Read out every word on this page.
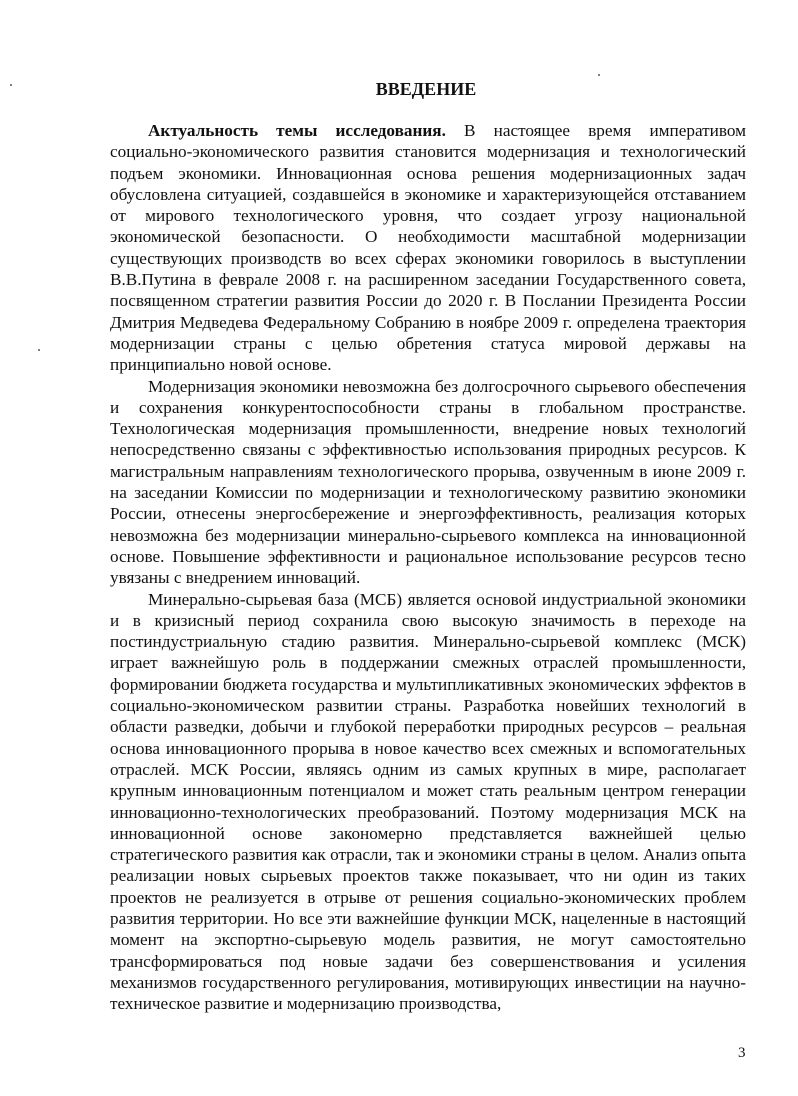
ВВЕДЕНИЕ

Актуальность темы исследования. В настоящее время императивом социально-экономического развития становится модернизация и технологический подъем экономики. Инновационная основа решения модернизационных задач обусловлена ситуацией, создавшейся в экономике и характеризующейся отставанием от мирового технологического уровня, что создает угрозу национальной экономической безопасности. О необходимости масштабной модернизации существующих производств во всех сферах экономики говорилось в выступлении В.В.Путина в феврале 2008 г. на расширенном заседании Государственного совета, посвященном стратегии развития России до 2020 г. В Послании Президента России Дмитрия Медведева Федеральному Собранию в ноябре 2009 г. определена траектория модернизации страны с целью обретения статуса мировой державы на принципиально новой основе.

Модернизация экономики невозможна без долгосрочного сырьевого обеспечения и сохранения конкурентоспособности страны в глобальном пространстве. Технологическая модернизация промышленности, внедрение новых технологий непосредственно связаны с эффективностью использования природных ресурсов. К магистральным направлениям технологического прорыва, озвученным в июне 2009 г. на заседании Комиссии по модернизации и технологическому развитию экономики России, отнесены энергосбережение и энергоэффективность, реализация которых невозможна без модернизации минерально-сырьевого комплекса на инновационной основе. Повышение эффективности и рациональное использование ресурсов тесно увязаны с внедрением инноваций.

Минерально-сырьевая база (МСБ) является основой индустриальной экономики и в кризисный период сохранила свою высокую значимость в переходе на постиндустриальную стадию развития. Минерально-сырьевой комплекс (МСК) играет важнейшую роль в поддержании смежных отраслей промышленности, формировании бюджета государства и мультипликативных экономических эффектов в социально-экономическом развитии страны. Разработка новейших технологий в области разведки, добычи и глубокой переработки природных ресурсов – реальная основа инновационного прорыва в новое качество всех смежных и вспомогательных отраслей. МСК России, являясь одним из самых крупных в мире, располагает крупным инновационным потенциалом и может стать реальным центром генерации инновационно-технологических преобразований. Поэтому модернизация МСК на инновационной основе закономерно представляется важнейшей целью стратегического развития как отрасли, так и экономики страны в целом. Анализ опыта реализации новых сырьевых проектов также показывает, что ни один из таких проектов не реализуется в отрыве от решения социально-экономических проблем развития территории. Но все эти важнейшие функции МСК, нацеленные в настоящий момент на экспортно-сырьевую модель развития, не могут самостоятельно трансформироваться под новые задачи без совершенствования и усиления механизмов государственного регулирования, мотивирующих инвестиции на научно-техническое развитие и модернизацию производства,

3
